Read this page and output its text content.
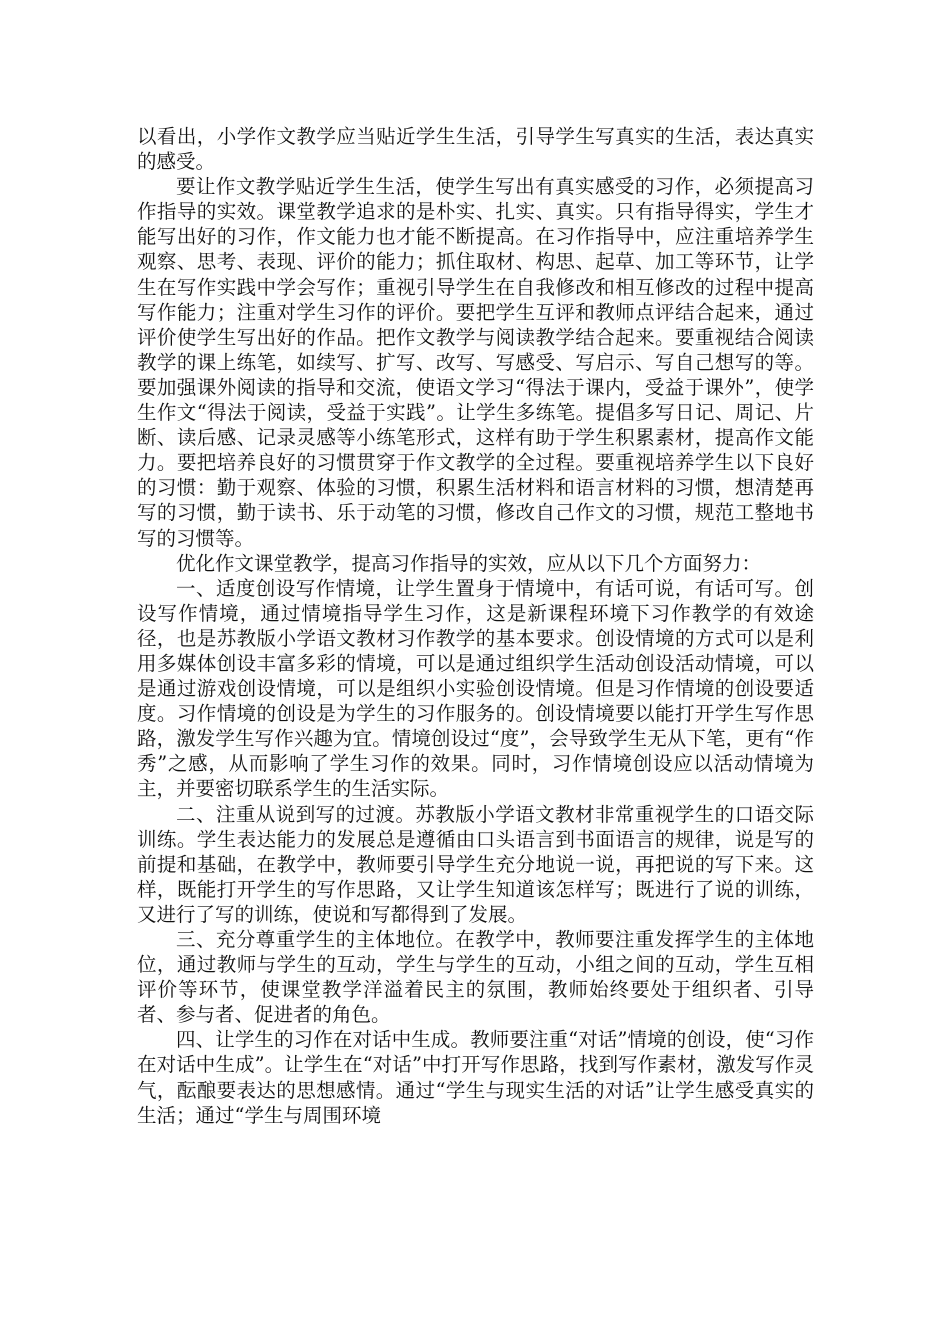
以看出，小学作文教学应当贴近学生生活，引导学生写真实的生活，表达真实的感受。

要让作文教学贴近学生生活，使学生写出有真实感受的习作，必须提高习作指导的实效。课堂教学追求的是朴实、扎实、真实。只有指导得实，学生才能写出好的习作，作文能力也才能不断提高。在习作指导中，应注重培养学生观察、思考、表现、评价的能力；抓住取材、构思、起草、加工等环节，让学生在写作实践中学会写作；重视引导学生在自我修改和相互修改的过程中提高写作能力；注重对学生习作的评价。要把学生互评和教师点评结合起来，通过评价使学生写出好的作品。把作文教学与阅读教学结合起来。要重视结合阅读教学的课上练笔，如续写、扩写、改写、写感受、写启示、写自己想写的等。要加强课外阅读的指导和交流，使语文学习“得法于课内，受益于课外”，使学生作文“得法于阅读，受益于实践”。让学生多练笔。提倡多写日记、周记、片断、读后感、记录灵感等小练笔形式，这样有助于学生积累素材，提高作文能力。要把培养良好的习惯贯穿于作文教学的全过程。要重视培养学生以下良好的习惯：勤于观察、体验的习惯，积累生活材料和语言材料的习惯，想清楚再写的习惯，勤于读书、乐于动笔的习惯，修改自己作文的习惯，规范工整地书写的习惯等。

优化作文课堂教学，提高习作指导的实效，应从以下几个方面努力：

一、适度创设写作情境，让学生置身于情境中，有话可说，有话可写。创设写作情境，通过情境指导学生习作，这是新课程环境下习作教学的有效途径，也是苏教版小学语文教材习作教学的基本要求。创设情境的方式可以是利用多媒体创设丰富多彩的情境，可以是通过组织学生活动创设活动情境，可以是通过游戏创设情境，可以是组织小实验创设情境。但是习作情境的创设要适度。习作情境的创设是为学生的习作服务的。创设情境要以能打开学生写作思路，激发学生写作兴趣为宜。情境创设过“度”，会导致学生无从下笔，更有“作秀”之感，从而影响了学生习作的效果。同时，习作情境创设应以活动情境为主，并要密切联系学生的生活实际。

二、注重从说到写的过渡。苏教版小学语文教材非常重视学生的口语交际训练。学生表达能力的发展总是遵循由口头语言到书面语言的规律，说是写的前提和基础，在教学中，教师要引导学生充分地说一说，再把说的写下来。这样，既能打开学生的写作思路，又让学生知道该怎样写；既进行了说的训练，又进行了写的训练，使说和写都得到了发展。

三、充分尊重学生的主体地位。在教学中，教师要注重发挥学生的主体地位，通过教师与学生的互动，学生与学生的互动，小组之间的互动，学生互相评价等环节，使课堂教学洋溢着民主的氛围，教师始终要处于组织者、引导者、参与者、促进者的角色。

四、让学生的习作在对话中生成。教师要注重“对话”情境的创设，使“习作在对话中生成”。让学生在“对话”中打开写作思路，找到写作素材，激发写作灵气，酝酿要表达的思想感情。通过“学生与现实生活的对话”让学生感受真实的生活；通过“学生与周围环境
